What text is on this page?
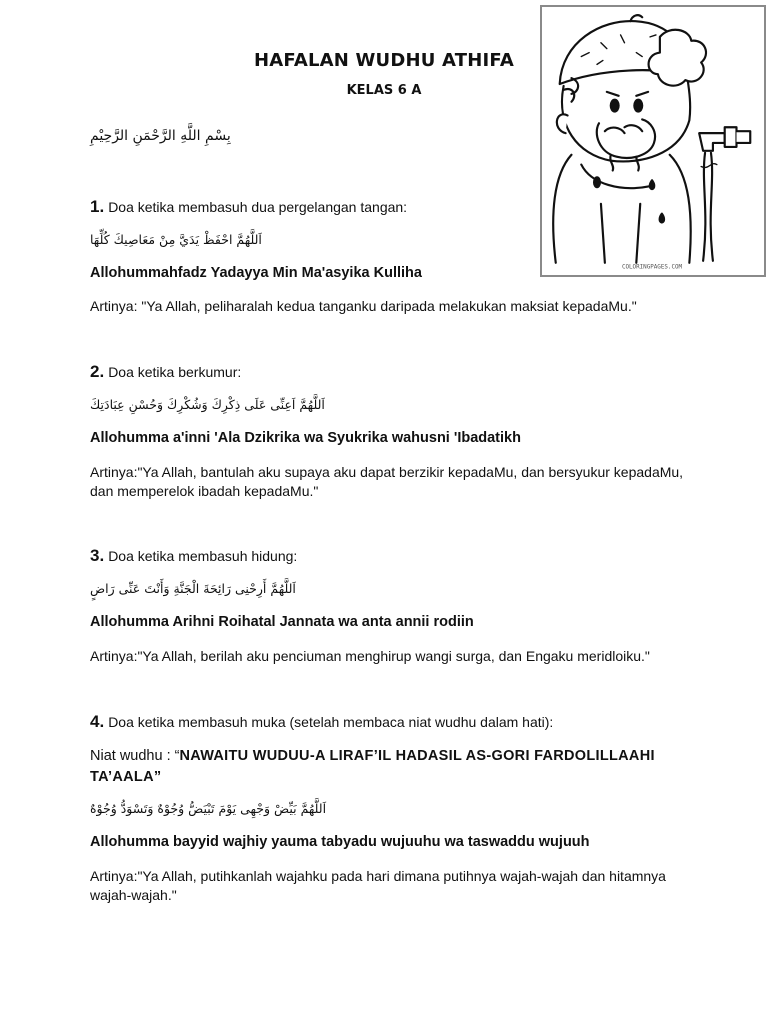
HAFALAN WUDHU ATHIFA
KELAS 6 A
بِسْمِ اللَّهِ الرَّحْمَنِ الرَّحِيْمِ
COLORINGPAGES.COM
1. Doa ketika membasuh dua pergelangan tangan:
اَللَّهُمَّ احْفَظْ يَدَيَّ مِنْ مَعَاصِيكَ كُلِّهَا
Allohummahfadz Yadayya Min Ma'asyika Kulliha
Artinya: "Ya Allah, peliharalah kedua tanganku daripada melakukan maksiat kepadaMu."
2. Doa ketika berkumur:
اَللَّهُمَّ اَعِنِّى عَلَى ذِكْرِكَ وَشُكْرِكَ وَحُسْنِ عِبَادَتِكَ
Allohumma a'inni 'Ala Dzikrika wa Syukrika wahusni 'Ibadatikh
Artinya:"Ya Allah, bantulah aku supaya aku dapat berzikir kepadaMu, dan bersyukur kepadaMu, dan memperelok ibadah kepadaMu."
3. Doa ketika membasuh hidung:
اَللَّهُمَّ أَرِحْنِى رَائِحَةَ الْجَنَّةِ وَأَنْتَ عَنِّى رَاضٍ
Allohumma Arihni Roihatal Jannata wa anta annii rodiin
Artinya:"Ya Allah, berilah aku penciuman menghirup wangi surga, dan Engaku meridloiku."
4. Doa ketika membasuh muka (setelah membaca niat wudhu dalam hati):
Niat wudhu : “NAWAITU WUDUU-A LIRAF’IL HADASIL AS-GORI FARDOLILLAAHI TA’AALA”
اَللَّهُمَّ بَيِّضْ وَجْهِى يَوْمَ تَبْيَضُّ وُجُوْهٌ وَتَسْوَدُّ وُجُوْهٌ
Allohumma bayyid wajhiy yauma tabyadu wujuuhu wa taswaddu wujuuh
Artinya:"Ya Allah, putihkanlah wajahku pada hari dimana putihnya wajah-wajah dan hitamnya wajah-wajah."
